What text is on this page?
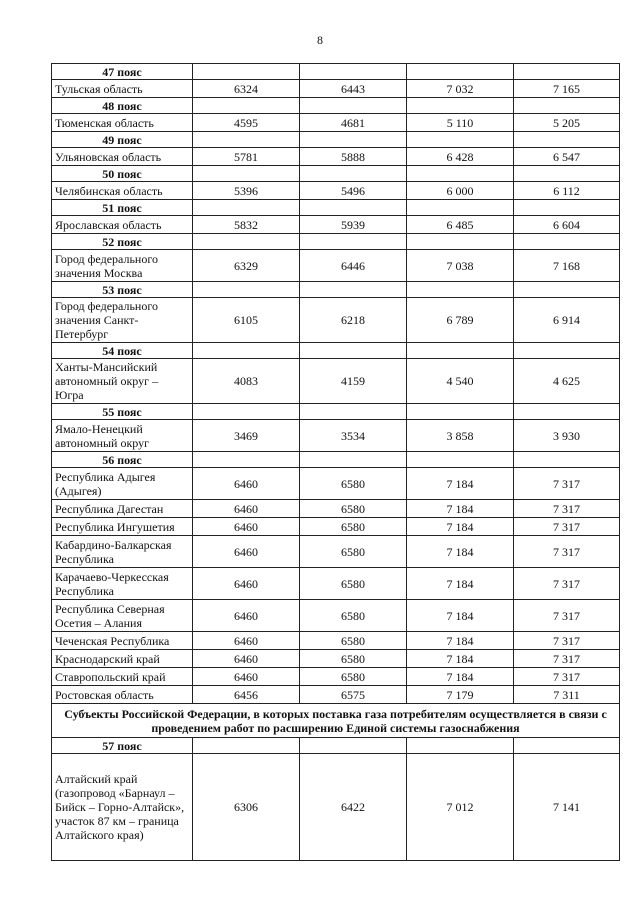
8
47 пояс				
Тульская область	6324	6443	7 032	7 165
48 пояс				
Тюменская область	4595	4681	5 110	5 205
49 пояс				
Ульяновская область	5781	5888	6 428	6 547
50 пояс				
Челябинская область	5396	5496	6 000	6 112
51 пояс				
Ярославская область	5832	5939	6 485	6 604
52 пояс				
Город федерального значения Москва	6329	6446	7 038	7 168
53 пояс				
Город федерального значения Санкт-Петербург	6105	6218	6 789	6 914
54 пояс				
Ханты-Мансийский автономный округ – Югра	4083	4159	4 540	4 625
55 пояс				
Ямало-Ненецкий автономный округ	3469	3534	3 858	3 930
56 пояс				
Республика Адыгея (Адыгея)	6460	6580	7 184	7 317
Республика Дагестан	6460	6580	7 184	7 317
Республика Ингушетия	6460	6580	7 184	7 317
Кабардино-Балкарская Республика	6460	6580	7 184	7 317
Карачаево-Черкесская Республика	6460	6580	7 184	7 317
Республика Северная Осетия – Алания	6460	6580	7 184	7 317
Чеченская Республика	6460	6580	7 184	7 317
Краснодарский край	6460	6580	7 184	7 317
Ставропольский край	6460	6580	7 184	7 317
Ростовская область	6456	6575	7 179	7 311
Субъекты Российской Федерации, в которых поставка газа потребителям осуществляется в связи с проведением работ по расширению Единой системы газоснабжения				
57 пояс				
Алтайский край (газопровод «Барнаул – Бийск – Горно-Алтайск», участок 87 км – граница Алтайского края)	6306	6422	7 012	7 141
